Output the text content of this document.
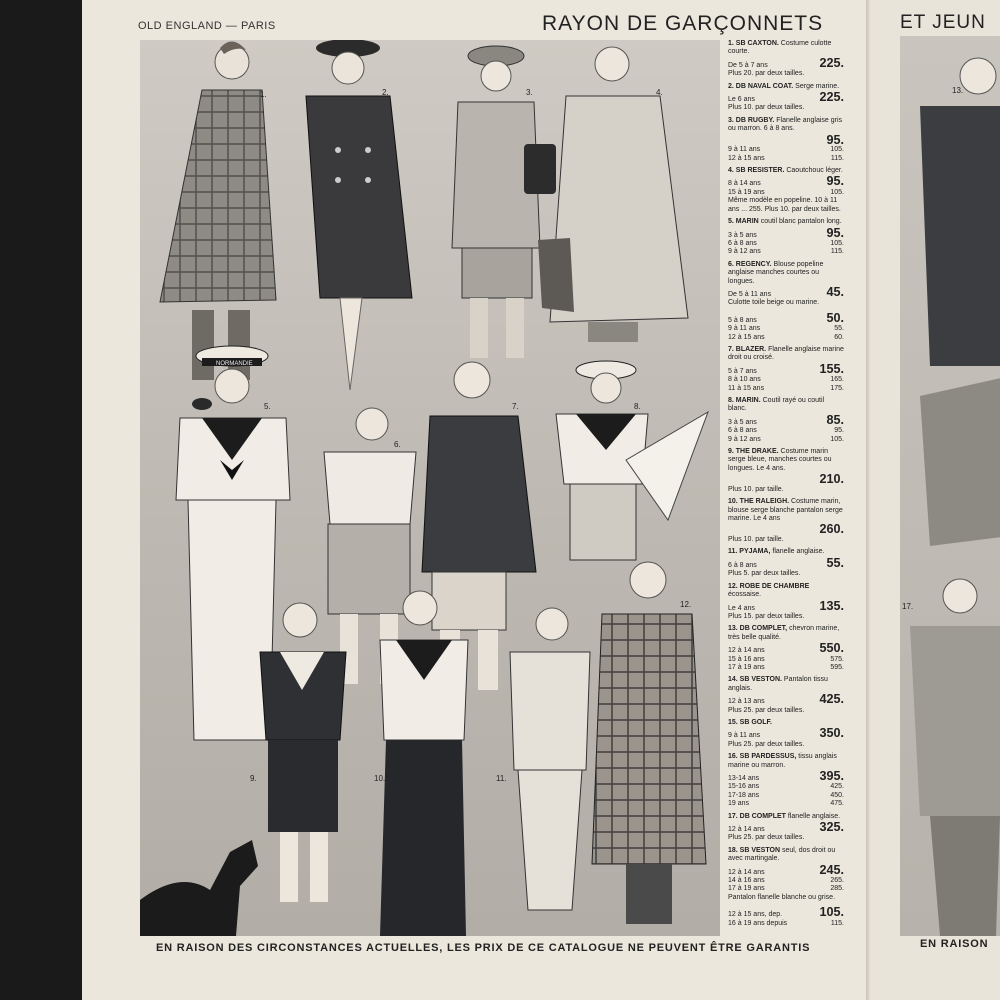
OLD ENGLAND — PARIS	RAYON DE GARÇONNETS
NORMANDIE
1.	2.	3.	4.
5.
6.
7.	8.
9.	10.	11.
12.
1. SB CAXTON. Costume culotte courte.
De 5 à 7 ans	225.
Plus 20. par deux tailles.
2. DB NAVAL COAT. Serge marine.
Le 6 ans	225.
Plus 10. par deux tailles.
3. DB RUGBY. Flanelle anglaise gris ou marron. 6 à 8 ans.
95.
9 à 11 ans	105.
12 à 15 ans	115.
4. SB RESISTER. Caoutchouc léger.
8 à 14 ans	95.
15 à 19 ans	105.
Même modèle en popeline. 10 à 11 ans ... 255. Plus 10. par deux tailles.
5. MARIN coutil blanc pantalon long.
3 à 5 ans	95.
6 à 8 ans	105.
9 à 12 ans	115.
6. REGENCY. Blouse popeline anglaise manches courtes ou longues.
De 5 à 11 ans	45.
Culotte toile beige ou marine.
5 à 8 ans	50.
9 à 11 ans	55.
12 à 15 ans	60.
7. BLAZER. Flanelle anglaise marine droit ou croisé.
5 à 7 ans	155.
8 à 10 ans	165.
11 à 15 ans	175.
8. MARIN. Coutil rayé ou coutil blanc.
3 à 5 ans	85.
6 à 8 ans	95.
9 à 12 ans	105.
9. THE DRAKE. Costume marin serge bleue, manches courtes ou longues. Le 4 ans.
210.
Plus 10. par taille.
10. THE RALEIGH. Costume marin, blouse serge blanche pantalon serge marine. Le 4 ans
260.
Plus 10. par taille.
11. PYJAMA, flanelle anglaise.
6 à 8 ans	55.
Plus 5. par deux tailles.
12. ROBE DE CHAMBRE écossaise.
Le 4 ans	135.
Plus 15. par deux tailles.
13. DB COMPLET, chevron marine, très belle qualité.
12 à 14 ans	550.
15 à 16 ans	575.
17 à 19 ans	595.
14. SB VESTON. Pantalon tissu anglais.
12 à 13 ans	425.
Plus 25. par deux tailles.
15. SB GOLF.
9 à 11 ans	350.
Plus 25. par deux tailles.
16. SB PARDESSUS, tissu anglais marine ou marron.
13-14 ans	395.
15-16 ans	425.
17-18 ans	450.
19 ans	475.
17. DB COMPLET flanelle anglaise.
12 à 14 ans	325.
Plus 25. par deux tailles.
18. SB VESTON seul, dos droit ou avec martingale.
12 à 14 ans	245.
14 à 16 ans	265.
17 à 19 ans	285.
Pantalon flanelle blanche ou grise.
12 à 15 ans, dep.	105.
16 à 19 ans depuis	115.
EN RAISON DES CIRCONSTANCES ACTUELLES, LES PRIX DE CE CATALOGUE NE PEUVENT ÊTRE GARANTIS
ET JEUN
13.
17.
EN RAISON
